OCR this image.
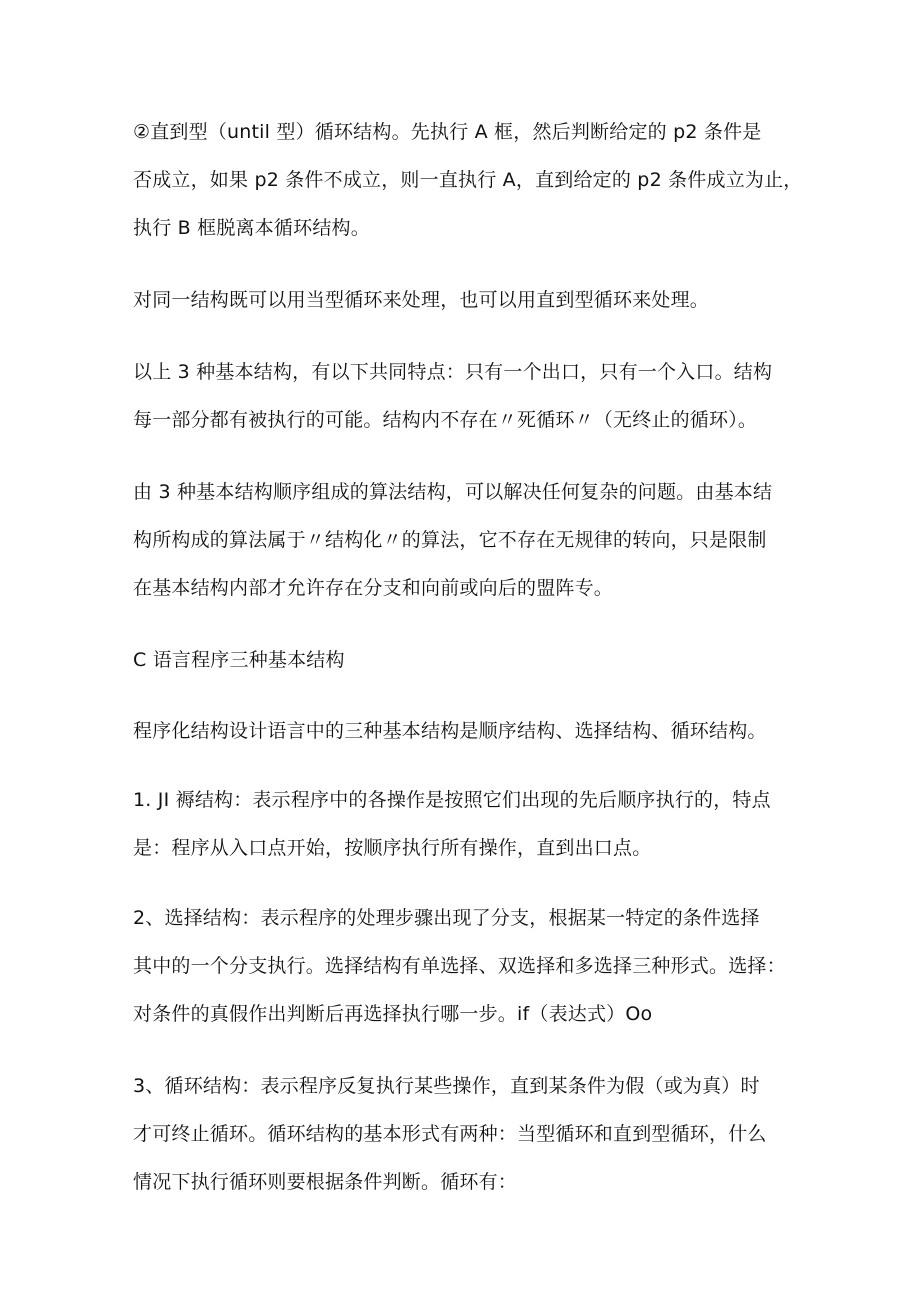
②直到型（until 型）循环结构。先执行 A 框，然后判断给定的 p2 条件是
否成立，如果 p2 条件不成立，则一直执行 A，直到给定的 p2 条件成立为止，
执行 B 框脱离本循环结构。
对同一结构既可以用当型循环来处理，也可以用直到型循环来处理。
以上 3 种基本结构，有以下共同特点：只有一个出口，只有一个入口。结构
每一部分都有被执行的可能。结构内不存在〃死循环〃（无终止的循环）。
由 3 种基本结构顺序组成的算法结构，可以解决任何复杂的问题。由基本结
构所构成的算法属于〃结构化〃的算法，它不存在无规律的转向，只是限制
在基本结构内部才允许存在分支和向前或向后的盟阵专。
C 语言程序三种基本结构
程序化结构设计语言中的三种基本结构是顺序结构、选择结构、循环结构。
1. JI 褥结构：表示程序中的各操作是按照它们出现的先后顺序执行的，特点
是：程序从入口点开始，按顺序执行所有操作，直到出口点。
2、选择结构：表示程序的处理步骤出现了分支，根据某一特定的条件选择
其中的一个分支执行。选择结构有单选择、双选择和多选择三种形式。选择：
对条件的真假作出判断后再选择执行哪一步。if（表达式）Oo
3、循环结构：表示程序反复执行某些操作，直到某条件为假（或为真）时
才可终止循环。循环结构的基本形式有两种：当型循环和直到型循环，什么
情况下执行循环则要根据条件判断。循环有：
